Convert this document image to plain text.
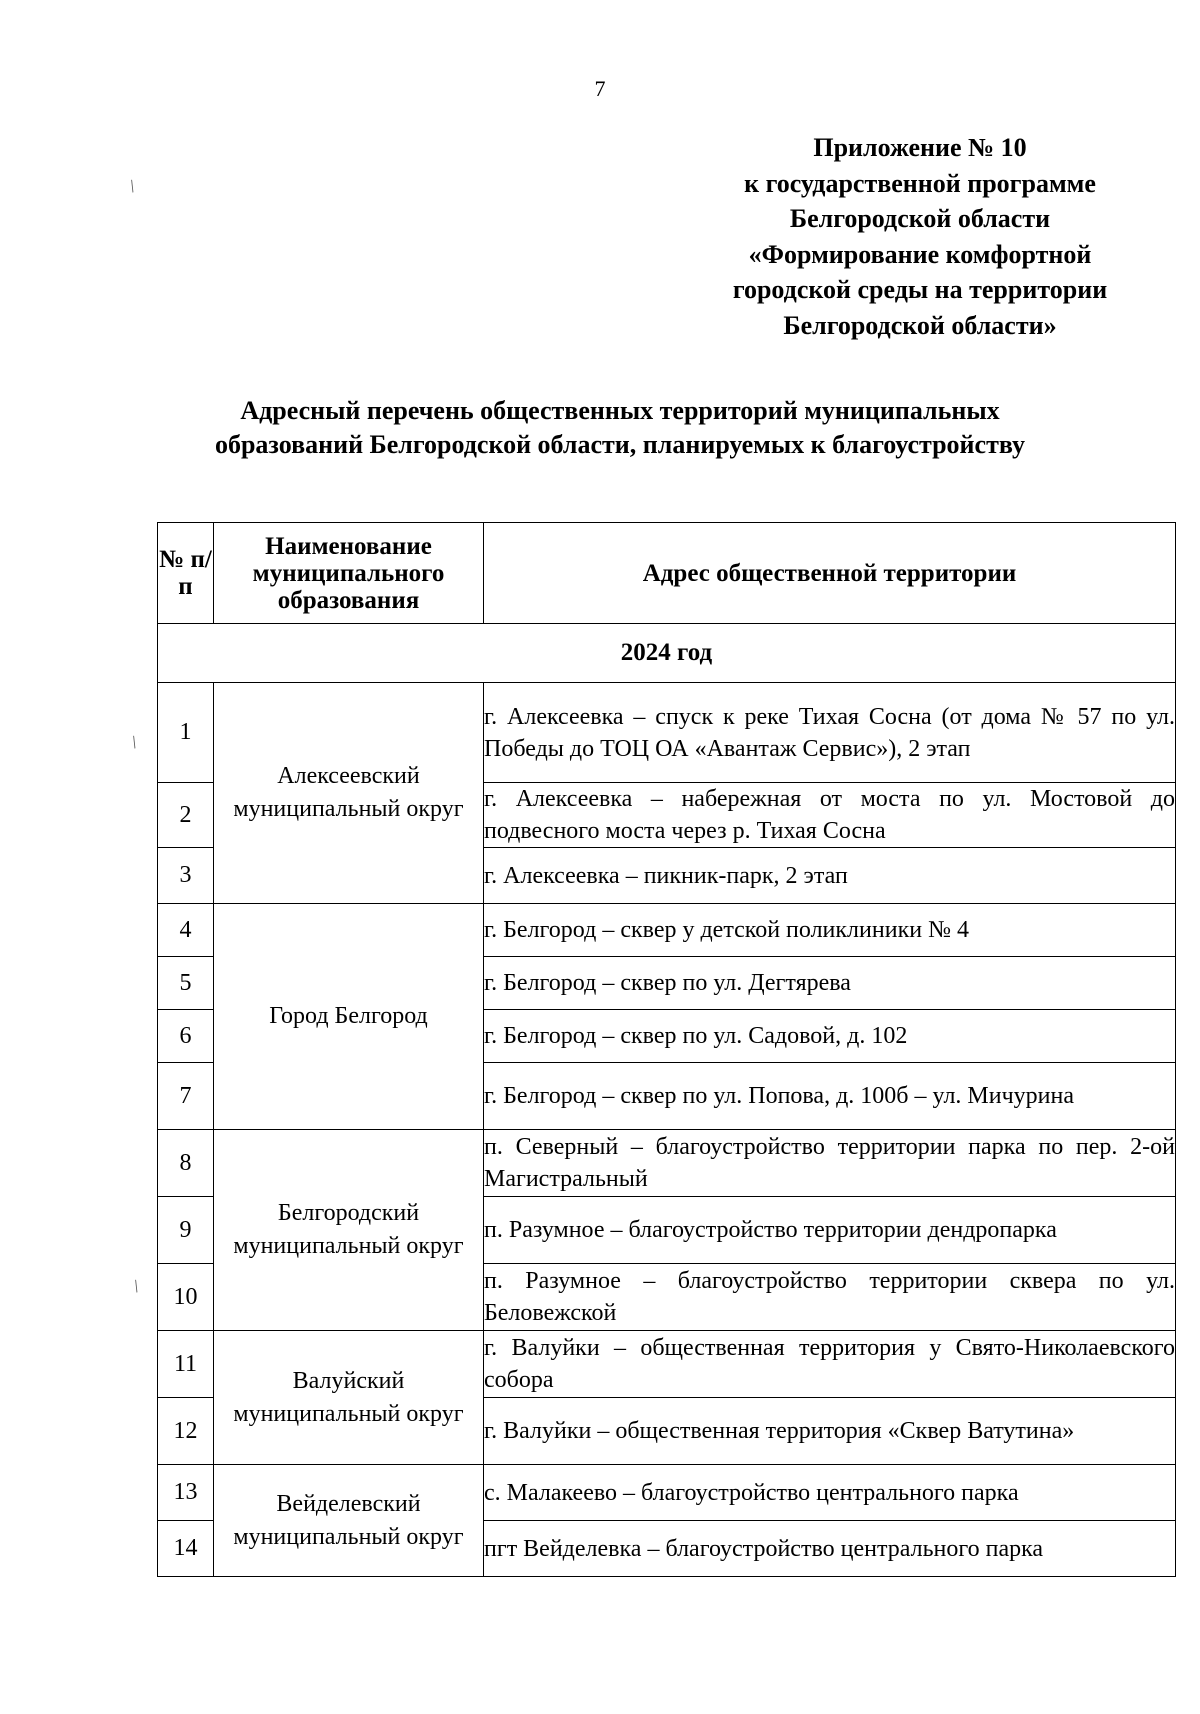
7
Приложение № 10
к государственной программе
Белгородской области
«Формирование комфортной
городской среды на территории
Белгородской области»
/
/
/
Адресный перечень общественных территорий муниципальных
образований Белгородской области, планируемых к благоустройству
№ п/ п	Наименование муниципального образования	Адрес общественной территории
2024 год		
1	Алексеевский муниципальный округ	г. Алексеевка – спуск к реке Тихая Сосна (от дома № 57 по ул. Победы до ТОЦ ОА «Авантаж Сервис»), 2 этап
2		г. Алексеевка – набережная от моста по ул. Мостовой до подвесного моста через р. Тихая Сосна
3		г. Алексеевка – пикник-парк, 2 этап
4	Город Белгород	г. Белгород – сквер у детской поликлиники № 4
5		г. Белгород – сквер по ул. Дегтярева
6		г. Белгород – сквер по ул. Садовой, д. 102
7		г. Белгород – сквер по ул. Попова, д. 100б – ул. Мичурина
8	Белгородский муниципальный округ	п. Северный – благоустройство территории парка по пер. 2-ой Магистральный
9		п. Разумное – благоустройство территории дендропарка
10		п. Разумное – благоустройство территории сквера по ул. Беловежской
11	Валуйский муниципальный округ	г. Валуйки – общественная территория у Свято-Николаевского собора
12		г. Валуйки – общественная территория «Сквер Ватутина»
13	Вейделевский муниципальный округ	с. Малакеево – благоустройство центрального парка
14		пгт Вейделевка – благоустройство центрального парка
